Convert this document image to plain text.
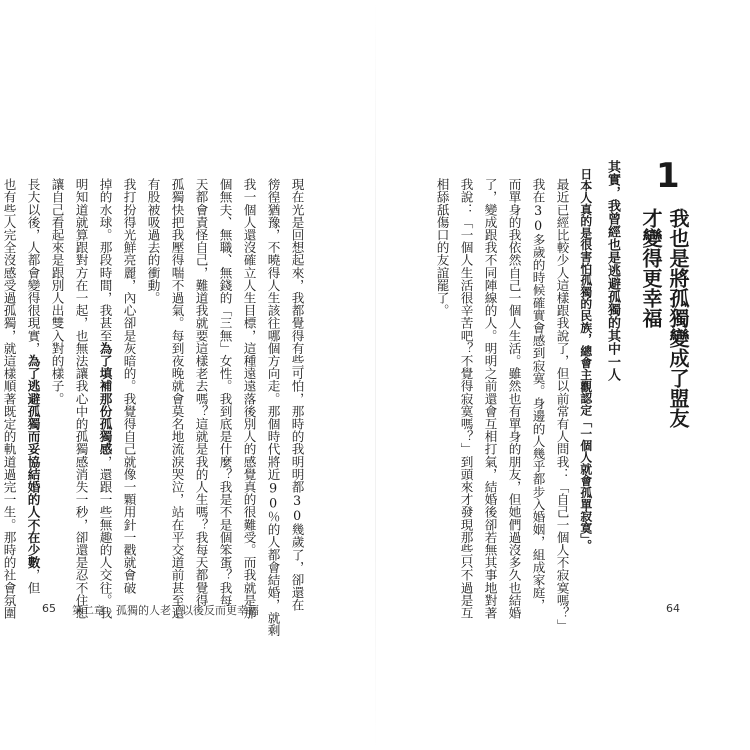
1
我也是將孤獨變成了盟友
才變得更幸福
其實，我曾經也是逃避孤獨的其中一人
日本人真的是很害怕孤獨的民族，總會主觀認定「一個人就會孤單寂寞」。
最近已經比較少人這樣跟我說了，但以前常有人問我：「自己一個人不寂寞嗎？」
我在30多歲的時候確實會感到寂寞。身邊的人幾乎都步入婚姻，組成家庭，
而單身的我依然自己一個人生活。雖然也有單身的朋友，但她們過沒多久也結婚
了，變成跟我不同陣線的人。明明之前還會互相打氣，結婚後卻若無其事地對著
我說：「一個人生活很辛苦吧？不覺得寂寞嗎？」到頭來才發現那些只不過是互
相舔舐傷口的友誼罷了。
64
現在光是回想起來，我都覺得有些可怕，那時的我明明都30幾歲了，卻還在
徬徨猶豫，不曉得人生該往哪個方向走。那個時代將近90％的人都會結婚，就剩
我一個人還沒確立人生目標，這種遠遠落後別人的感覺真的很難受。而我就是那
個無夫、無職、無錢的「三無」女性。我到底是什麼？我是不是個笨蛋？我每
天都會責怪自己，難道我就要這樣老去嗎？這就是我的人生嗎？我每天都覺得
孤獨快把我壓得喘不過氣。每到夜晚就會莫名地流淚哭泣，站在平交道前甚至還
有股被吸過去的衝動。
我打扮得光鮮亮麗，內心卻是灰暗的。我覺得自己就像一顆用針一戳就會破
掉的水球。那段時間，我甚至為了填補那份孤獨感，還跟一些無趣的人交往。我
明知道就算跟對方在一起，也無法讓我心中的孤獨感消失一秒，卻還是忍不住想
讓自己看起來是跟別人出雙入對的樣子。
長大以後，人都會變得很現實，為了逃避孤獨而妥協結婚的人不在少數，但
也有些人完全沒感受過孤獨，就這樣順著既定的軌道過完一生。那時的社會氛圍 65 第二章　孤獨的人老了以後反而更幸福
